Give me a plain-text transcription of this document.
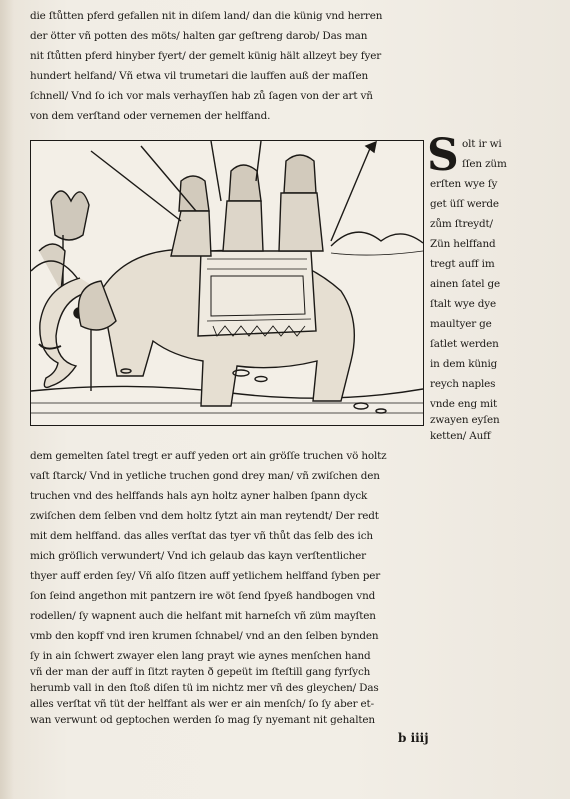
die ſtůtten pferd gefallen nit in diſem land/ dan die künig vnd herren
der ötter vñ potten des möts/ halten gar geſtreng darob/ Das man
nit ſtůtten pferd hinyber fyert/ der gemelt künig hält allzeyt bey fyer
hundert helfand/ Vñ etwa vil trumetari die lauffen auß der maſſen
ſchnell/ Vnd ſo ich vor mals verhayſſen hab zů ſagen von der art vñ
von dem verſtand oder vernemen der helffand.
S olt ir wi
ſſen züm
erſten wye ſy
get üſſ werde
zům ſtreydt/
Zün helffand
tregt auff im
ainen ſatel ge
ſtalt wye dye
maultyer ge
ſatlet werden
in dem künig
reych naples
vnde eng mit
zwayen eyſen
ketten/ Auff
dem gemelten ſatel tregt er auff yeden ort ain gröſſe truchen vö holtz
vaſt ſtarck/ Vnd in yetliche truchen gond drey man/ vñ zwiſchen den
truchen vnd des helffands hals ayn holtz ayner halben ſpann dyck
zwiſchen dem ſelben vnd dem holtz ſytzt ain man reytendt/ Der redt
mit dem helffand. das alles verſtat das tyer vñ thůt das ſelb des ich
mich gröſlich verwundert/ Vnd ich gelaub das kayn verſtentlicher
thyer auff erden ſey/ Vñ alſo ſitzen auff yetlichem helffand ſyben per
ſon ſeind angethon mit pantzern ire wöt ſend ſpyeß handbogen vnd
rodellen/ ſy wapnent auch die helfant mit harneſch vñ züm mayſten
vmb den kopff vnd iren krumen ſchnabel/ vnd an den ſelben bynden
ſy in ain ſchwert zwayer elen lang prayt wie aynes menſchen hand
vñ der man der auff in ſitzt rayten ð gepeüt im ſteſtill gang fyrſych
herumb vall in den ſtoß diſen tü im nichtz mer vñ des gleychen/ Das
alles verſtat vñ tüt der helffant als wer er ain menſch/ ſo ſy aber et-
wan verwunt od geptochen werden ſo mag ſy nyemant nit gehalten
b iiij
